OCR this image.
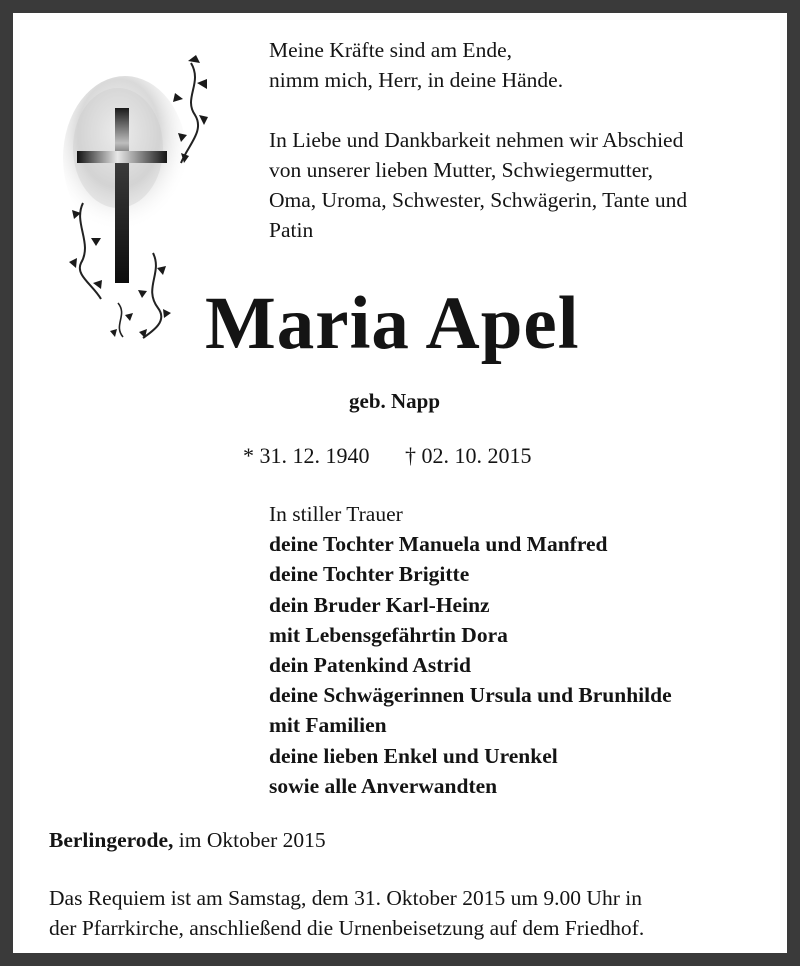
Meine Kräfte sind am Ende,
nimm mich, Herr, in deine Hände.
In Liebe und Dankbarkeit nehmen wir Abschied
von unserer lieben Mutter, Schwiegermutter,
Oma, Uroma, Schwester, Schwägerin, Tante und
Patin
Maria Apel
geb. Napp
* 31. 12. 1940 † 02. 10. 2015
In stiller Trauer
deine Tochter Manuela und Manfred
deine Tochter Brigitte
dein Bruder Karl-Heinz
mit Lebensgefährtin Dora
dein Patenkind Astrid
deine Schwägerinnen Ursula und Brunhilde
mit Familien
deine lieben Enkel und Urenkel
sowie alle Anverwandten
Berlingerode, im Oktober 2015
Das Requiem ist am Samstag, dem 31. Oktober 2015 um 9.00 Uhr in
der Pfarrkirche, anschließend die Urnenbeisetzung auf dem Friedhof.
